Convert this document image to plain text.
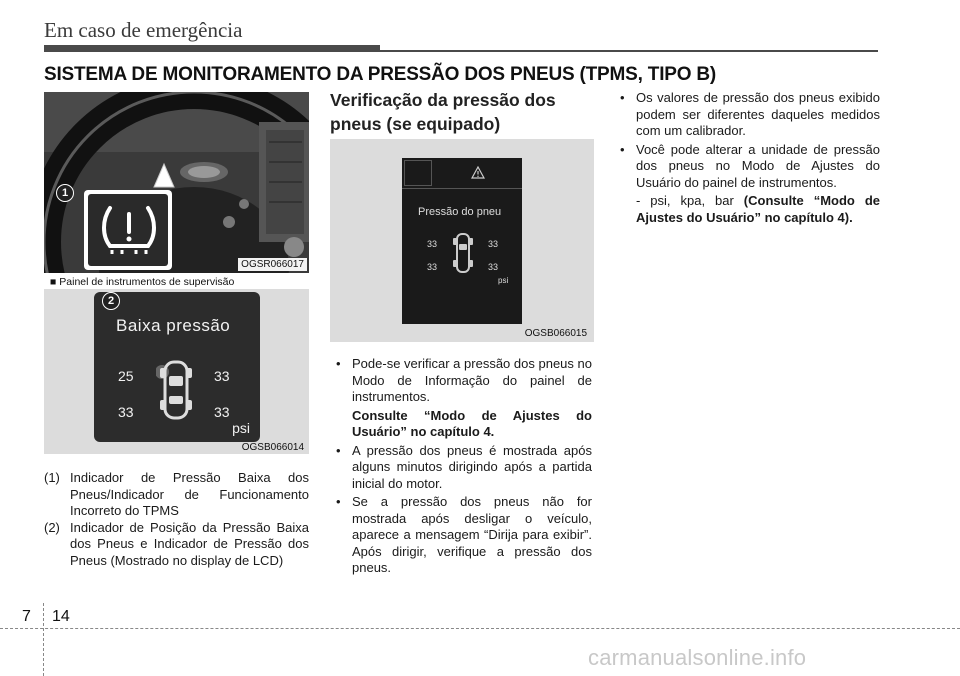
Em caso de emergência
SISTEMA DE MONITORAMENTO DA PRESSÃO DOS PNEUS (TPMS, TIPO B)
1
OGSR066017
■ Painel de instrumentos de supervisão
Baixa pressão
25	33
33	33
psi
2
OGSB066014
(1) Indicador de Pressão Baixa dos Pneus/Indicador de Funcionamento Incorreto do TPMS
(2) Indicador de Posição da Pressão Baixa dos Pneus e Indicador de Pressão dos Pneus (Mostrado no display de LCD)
Verificação da pressão dos pneus (se equipado)
Pressão do pneu
33	33
33	33
psi
OGSB066015
• Pode-se verificar a pressão dos pneus no Modo de Informação do painel de instrumentos.
Consulte “Modo de Ajustes do Usuário” no capítulo 4.
• A pressão dos pneus é mostrada após alguns minutos dirigindo após a partida inicial do motor.
• Se a pressão dos pneus não for mostrada após desligar o veículo, aparece a mensagem “Dirija para exibir”. Após dirigir, verifique a pressão dos pneus.
• Os valores de pressão dos pneus exibido podem ser diferentes daqueles medidos com um calibrador.
• Você pode alterar a unidade de pressão dos pneus no Modo de Ajustes do Usuário do painel de instrumentos.
- psi, kpa, bar (Consulte “Modo de Ajustes do Usuário” no capítulo 4).
7 14
carmanualsonline.info
